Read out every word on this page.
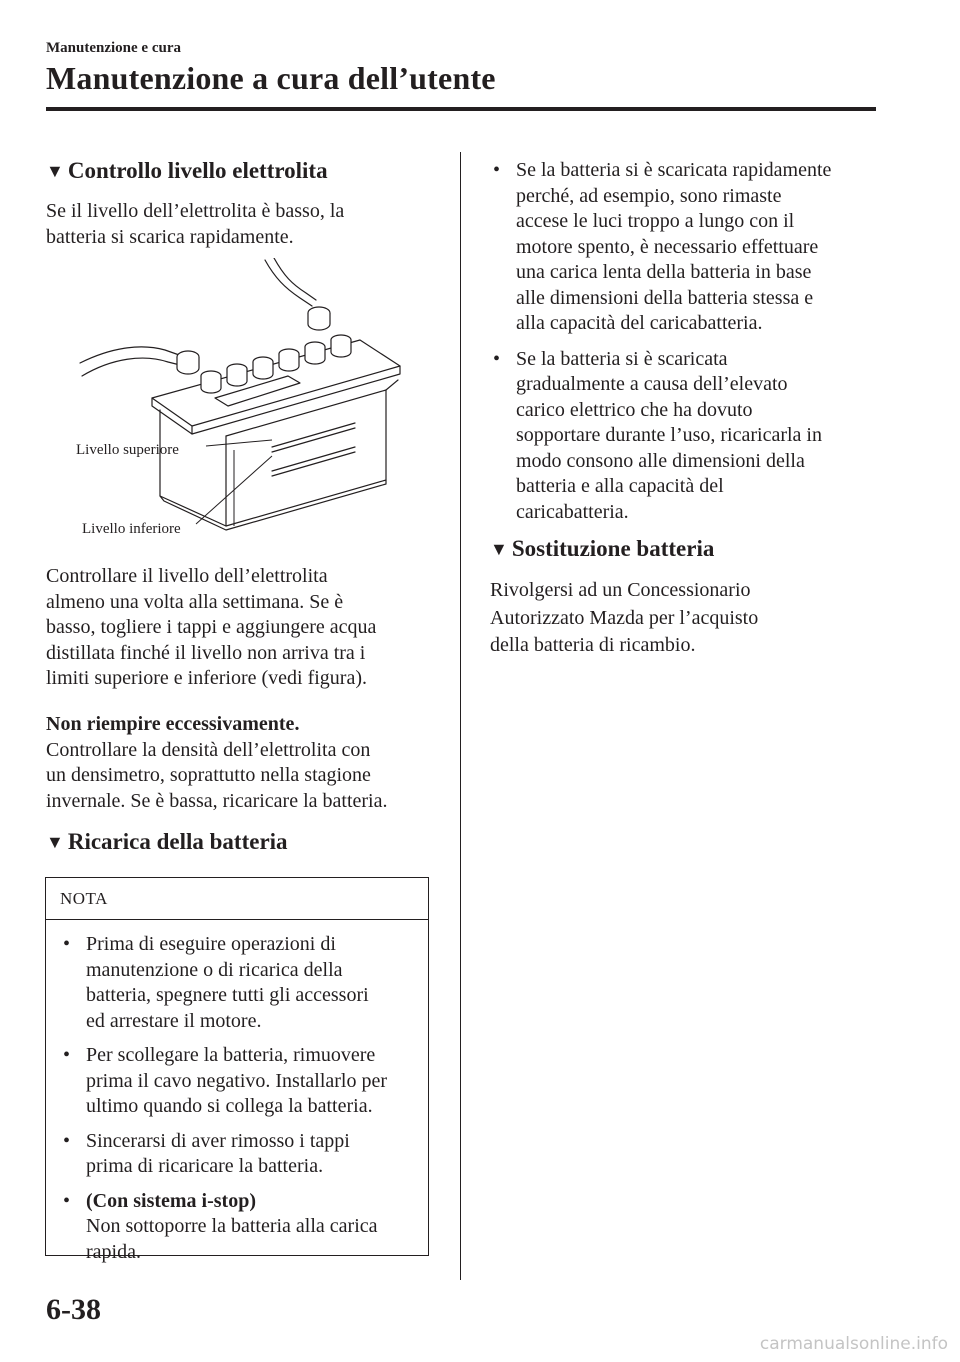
Manutenzione e cura
Manutenzione a cura dell’utente
▼ Controllo livello elettrolita
Se il livello dell’elettrolita è basso, la
batteria si scarica rapidamente.
Livello superiore
Livello inferiore
Controllare il livello dell’elettrolita
almeno una volta alla settimana. Se è
basso, togliere i tappi e aggiungere acqua
distillata finché il livello non arriva tra i
limiti superiore e inferiore (vedi figura).
Non riempire eccessivamente.
Controllare la densità dell’elettrolita con
un densimetro, soprattutto nella stagione
invernale. Se è bassa, ricaricare la batteria.
▼ Ricarica della batteria
NOTA
• Prima di eseguire operazioni di
manutenzione o di ricarica della
batteria, spegnere tutti gli accessori
ed arrestare il motore.
• Per scollegare la batteria, rimuovere
prima il cavo negativo. Installarlo per
ultimo quando si collega la batteria.
• Sincerarsi di aver rimosso i tappi
prima di ricaricare la batteria.
• (Con sistema i-stop)
Non sottoporre la batteria alla carica
rapida.
• Se la batteria si è scaricata rapidamente
perché, ad esempio, sono rimaste
accese le luci troppo a lungo con il
motore spento, è necessario effettuare
una carica lenta della batteria in base
alle dimensioni della batteria stessa e
alla capacità del caricabatteria.
• Se la batteria si è scaricata
gradualmente a causa dell’elevato
carico elettrico che ha dovuto
sopportare durante l’uso, ricaricarla in
modo consono alle dimensioni della
batteria e alla capacità del
caricabatteria.
▼ Sostituzione batteria
Rivolgersi ad un Concessionario
Autorizzato Mazda per l’acquisto
della batteria di ricambio.
6-38
carmanualsonline.info
